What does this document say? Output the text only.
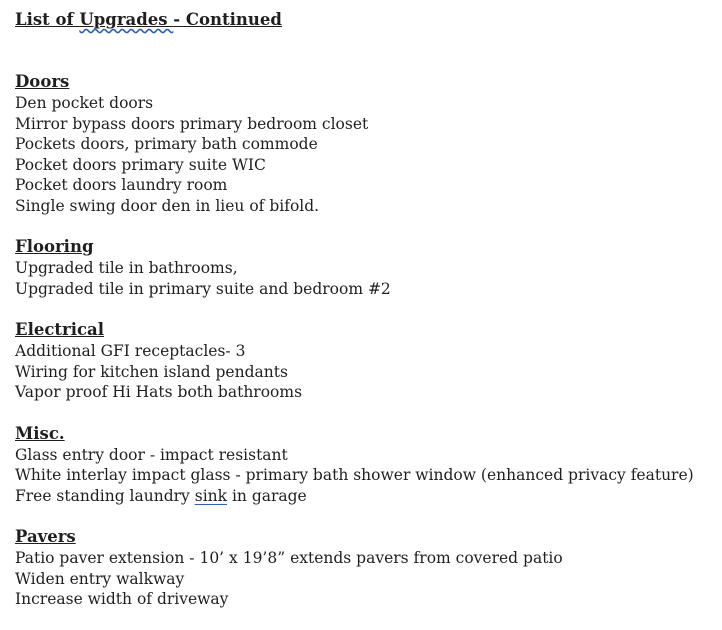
List of Upgrades - Continued
Doors
Den pocket doors
Mirror bypass doors primary bedroom closet
Pockets doors, primary bath commode
Pocket doors primary suite WIC
Pocket doors laundry room
Single swing door den in lieu of bifold.
Flooring
Upgraded tile in bathrooms,
Upgraded tile in primary suite and bedroom #2
Electrical
Additional GFI receptacles- 3
Wiring for kitchen island pendants
Vapor proof Hi Hats both bathrooms
Misc.
Glass entry door - impact resistant
White interlay impact glass - primary bath shower window (enhanced privacy feature)
Free standing laundry sink in garage
Pavers
Patio paver extension - 10’ x 19’8” extends pavers from covered patio
Widen entry walkway
Increase width of driveway
